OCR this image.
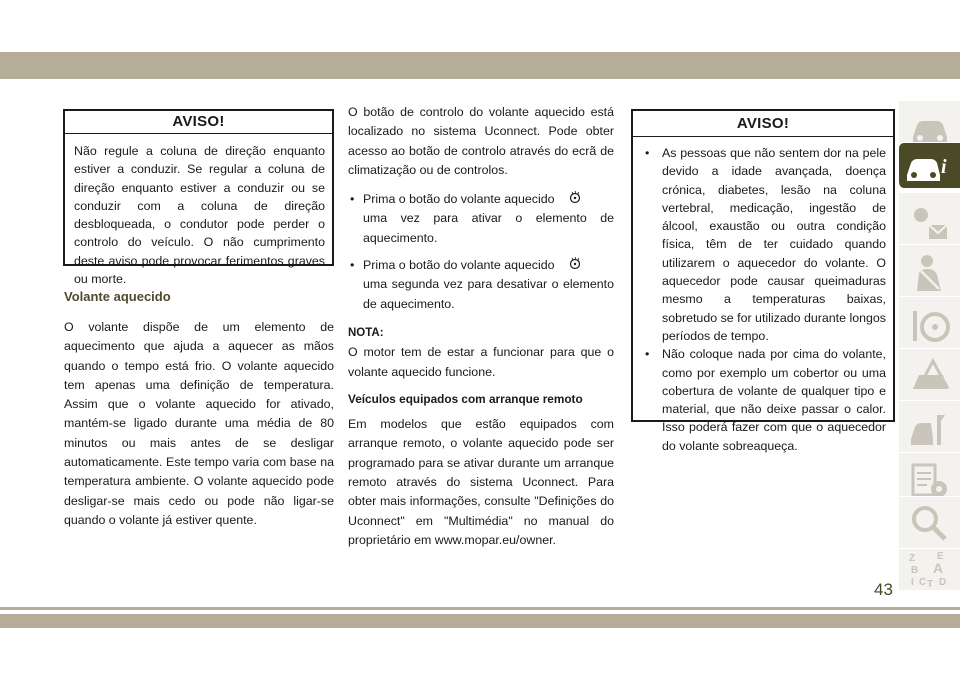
AVISO!
Não regule a coluna de direção enquanto estiver a conduzir. Se regular a coluna de direção enquanto estiver a conduzir ou se conduzir com a coluna de direção desbloqueada, o condutor pode perder o controlo do veículo. O não cumprimento deste aviso pode provocar ferimentos graves ou morte.
Volante aquecido

O volante dispõe de um elemento de aquecimento que ajuda a aquecer as mãos quando o tempo está frio. O volante aquecido tem apenas uma definição de temperatura. Assim que o volante aquecido for ativado, mantém-se ligado durante uma média de 80 minutos ou mais antes de se desligar automaticamente. Este tempo varia com base na temperatura ambiente. O volante aquecido pode desligar-se mais cedo ou pode não ligar-se quando o volante já estiver quente.

O botão de controlo do volante aquecido está localizado no sistema Uconnect. Pode obter acesso ao botão de controlo através do ecrã de climatização ou de controlos.

• Prima o botão do volante aquecido
uma vez para ativar o elemento de aquecimento.
• Prima o botão do volante aquecido
uma segunda vez para desativar o elemento de aquecimento.

NOTA:

O motor tem de estar a funcionar para que o volante aquecido funcione.

Veículos equipados com arranque remoto

Em modelos que estão equipados com arranque remoto, o volante aquecido pode ser programado para se ativar durante um arranque remoto através do sistema Uconnect. Para obter mais informações, consulte "Definições do Uconnect" em "Multimédia" no manual do proprietário em www.mopar.eu/owner.

AVISO!
• As pessoas que não sentem dor na pele devido a idade avançada, doença crónica, diabetes, lesão na coluna vertebral, medicação, ingestão de álcool, exaustão ou outra condição física, têm de ter cuidado quando utilizarem o aquecedor do volante. O aquecedor pode causar queimaduras mesmo a temperaturas baixas, sobretudo se for utilizado durante longos períodos de tempo.
• Não coloque nada por cima do volante, como por exemplo um cobertor ou uma cobertura de volante de qualquer tipo e material, que não deixe passar o calor. Isso poderá fazer com que o aquecedor do volante sobreaqueça.
i
Z E
B A
I C T D
43
